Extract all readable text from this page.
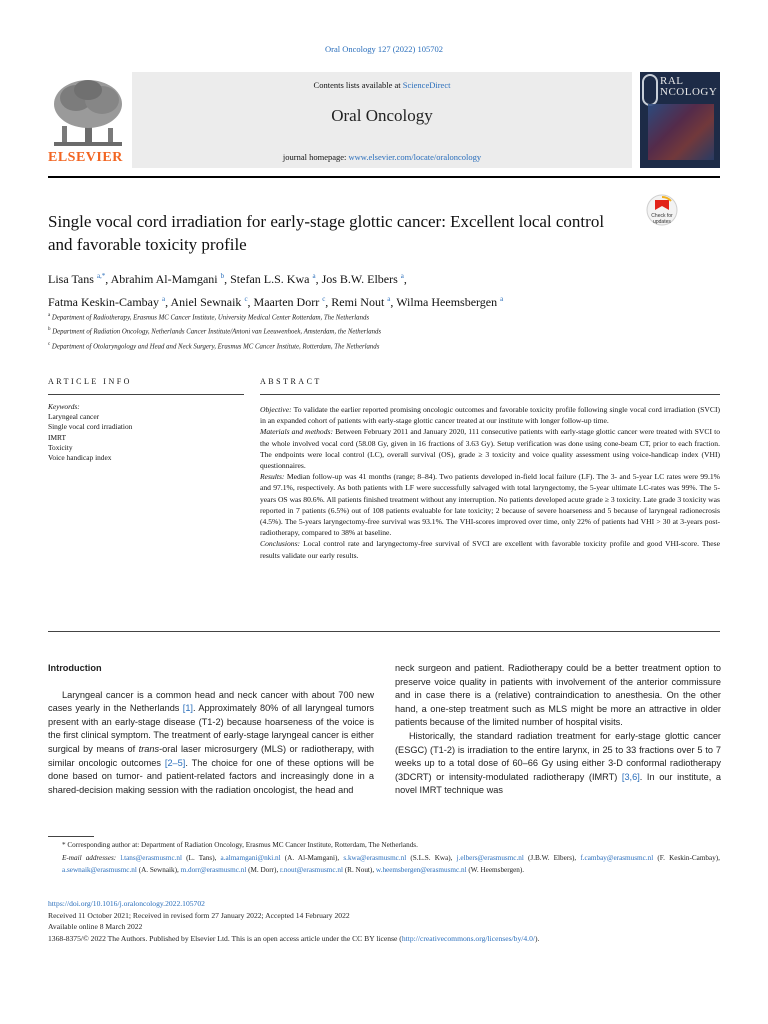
Oral Oncology 127 (2022) 105702
ELSEVIER
Contents lists available at ScienceDirect
Oral Oncology
journal homepage: www.elsevier.com/locate/oraloncology
RAL
NCOLOGY
Single vocal cord irradiation for early-stage glottic cancer: Excellent local control and favorable toxicity profile
Check for updates
Lisa Tans $^{a,*}$, Abrahim Al-Mamgani $^b$, Stefan L.S. Kwa $^a$, Jos B.W. Elbers $^a$,
Fatma Keskin-Cambay $^a$, Aniel Sewnaik $^c$, Maarten Dorr $^c$, Remi Nout $^a$, Wilma Heemsbergen $^a$
$^a$ Department of Radiotherapy, Erasmus MC Cancer Institute, University Medical Center Rotterdam, The Netherlands
$^b$ Department of Radiation Oncology, Netherlands Cancer Institute/Antoni van Leeuwenhoek, Amsterdam, the Netherlands
$^c$ Department of Otolaryngology and Head and Neck Surgery, Erasmus MC Cancer Institute, Rotterdam, The Netherlands
ARTICLE INFO	ABSTRACT
Keywords:
Laryngeal cancer
Single vocal cord irradiation
IMRT
Toxicity
Voice handicap index
Objective: To validate the earlier reported promising oncologic outcomes and favorable toxicity profile following single vocal cord irradiation (SVCI) in an expanded cohort of patients with early-stage glottic cancer treated at our institute with longer follow-up time.
Materials and methods: Between February 2011 and January 2020, 111 consecutive patients with early-stage glottic cancer were treated with SVCI to the whole involved vocal cord (58.08 Gy, given in 16 fractions of 3.63 Gy). Setup verification was done using cone-beam CT, prior to each fraction. The endpoints were local control (LC), overall survival (OS), grade ≥ 3 toxicity and voice quality assessment using voice-handicap index (VHI) questionnaires.
Results: Median follow-up was 41 months (range; 8–84). Two patients developed in-field local failure (LF). The 3- and 5-year LC rates were 99.1% and 97.1%, respectively. As both patients with LF were successfully salvaged with total laryngectomy, the 5-year ultimate LC-rates was 99%. The 5-years OS was 80.6%. All patients finished treatment without any interruption. No patients developed acute grade ≥ 3 toxicity. Late grade 3 toxicity was reported in 7 patients (6.5%) out of 108 patients evaluable for late toxicity; 2 because of severe hoarseness and 5 because of laryngeal radionecrosis (4.5%). The 5-years laryngectomy-free survival was 93.1%. The VHI-scores improved over time, only 22% of patients had VHI > 30 at 3-years post-radiotherapy, compared to 38% at baseline.
Conclusions: Local control rate and laryngectomy-free survival of SVCI are excellent with favorable toxicity profile and good VHI-score. These results validate our early results.
Introduction

Laryngeal cancer is a common head and neck cancer with about 700 new cases yearly in the Netherlands [1]. Approximately 80% of all laryngeal tumors present with an early-stage disease (T1-2) because hoarseness of the voice is the first clinical symptom. The treatment of early-stage laryngeal cancer is either surgical by means of trans-oral laser microsurgery (MLS) or radiotherapy, with similar oncologic outcomes [2–5]. The choice for one of these options will be done based on tumor- and patient-related factors and increasingly done in a shared-decision making session with the radiation oncologist, the head and

neck surgeon and patient. Radiotherapy could be a better treatment option to preserve voice quality in patients with involvement of the anterior commissure and in case there is a (relative) contraindication to anesthesia. On the other hand, a one-step treatment such as MLS might be more an attractive in older patients because of the limited number of hospital visits.

Historically, the standard radiation treatment for early-stage glottic cancer (ESGC) (T1-2) is irradiation to the entire larynx, in 25 to 33 fractions over 5 to 7 weeks up to a total dose of 60–66 Gy using either 3-D conformal radiotherapy (3DCRT) or intensity-modulated radiotherapy (IMRT) [3,6]. In our institute, a novel IMRT technique was

* Corresponding author at: Department of Radiation Oncology, Erasmus MC Cancer Institute, Rotterdam, The Netherlands.
E-mail addresses: l.tans@erasmusmc.nl (L. Tans), a.almamgani@nki.nl (A. Al-Mamgani), s.kwa@erasmusmc.nl (S.L.S. Kwa), j.elbers@erasmusmc.nl (J.B.W. Elbers), f.cambay@erasmusmc.nl (F. Keskin-Cambay), a.sewnaik@erasmusmc.nl (A. Sewnaik), m.dorr@erasmusmc.nl (M. Dorr), r.nout@erasmusmc.nl (R. Nout), w.heemsbergen@erasmusmc.nl (W. Heemsbergen).
https://doi.org/10.1016/j.oraloncology.2022.105702
Received 11 October 2021; Received in revised form 27 January 2022; Accepted 14 February 2022
Available online 8 March 2022
1368-8375/© 2022 The Authors. Published by Elsevier Ltd. This is an open access article under the CC BY license (http://creativecommons.org/licenses/by/4.0/).
